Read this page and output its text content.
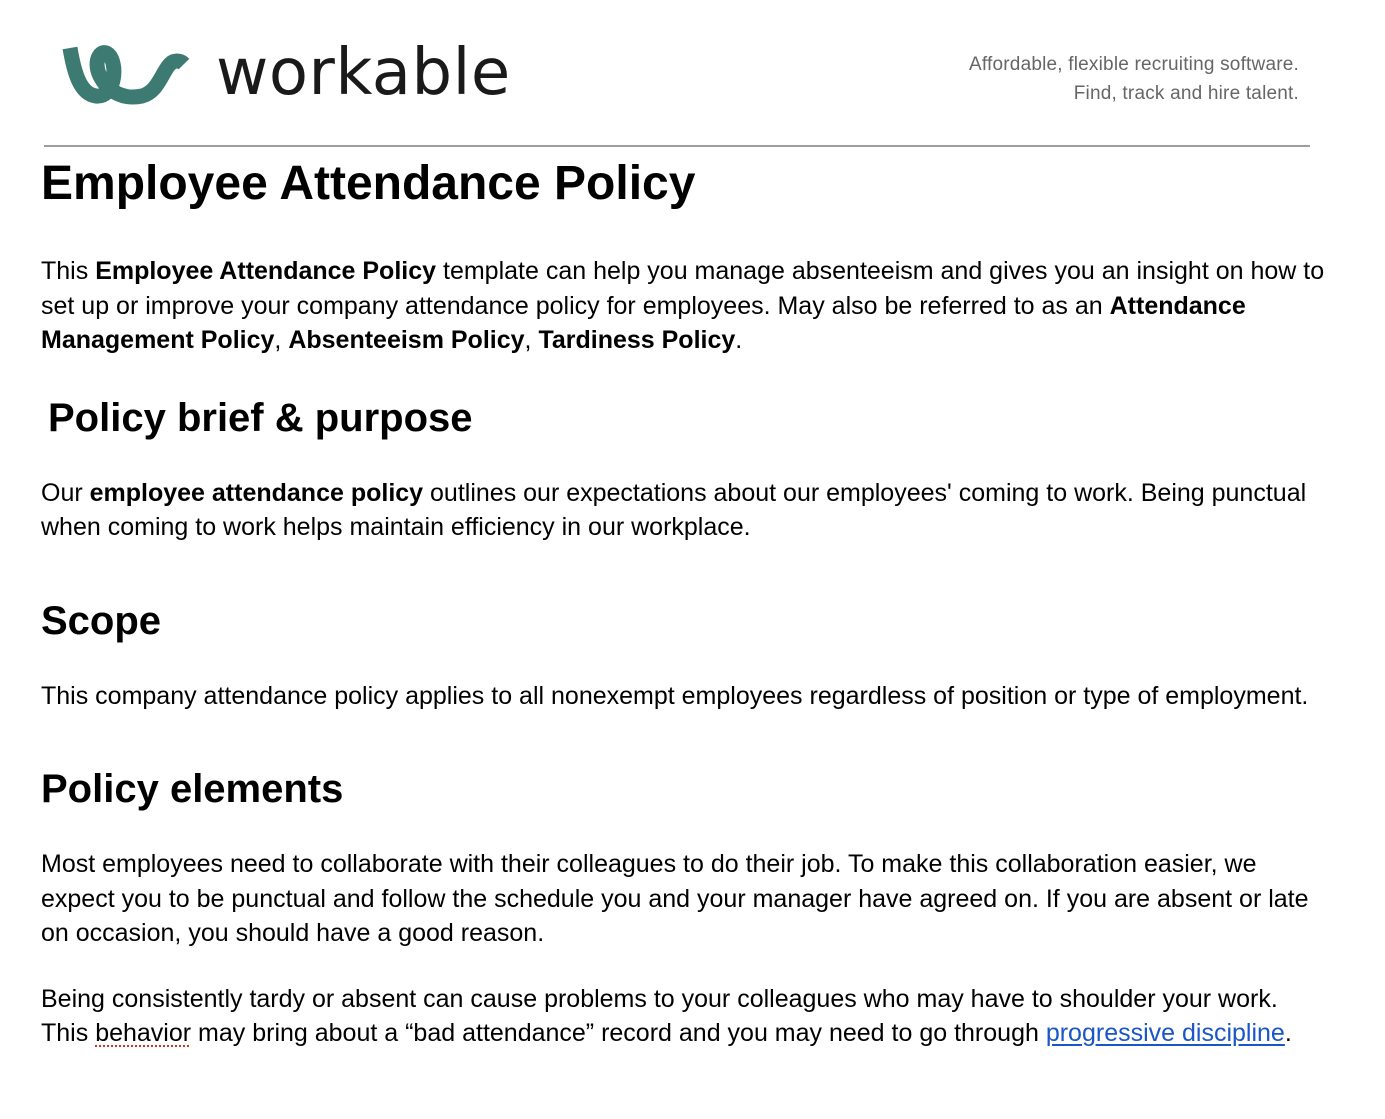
workable	Affordable, flexible recruiting software.
Find, track and hire talent.
Employee Attendance Policy

This Employee Attendance Policy template can help you manage absenteeism and gives you an insight on how to set up or improve your company attendance policy for employees. May also be referred to as an Attendance Management Policy, Absenteeism Policy, Tardiness Policy.

Policy brief & purpose

Our employee attendance policy outlines our expectations about our employees' coming to work. Being punctual when coming to work helps maintain efficiency in our workplace.

Scope

This company attendance policy applies to all nonexempt employees regardless of position or type of employment.

Policy elements

Most employees need to collaborate with their colleagues to do their job. To make this collaboration easier, we expect you to be punctual and follow the schedule you and your manager have agreed on. If you are absent or late on occasion, you should have a good reason.

Being consistently tardy or absent can cause problems to your colleagues who may have to shoulder your work. This behavior may bring about a “bad attendance” record and you may need to go through progressive discipline.
